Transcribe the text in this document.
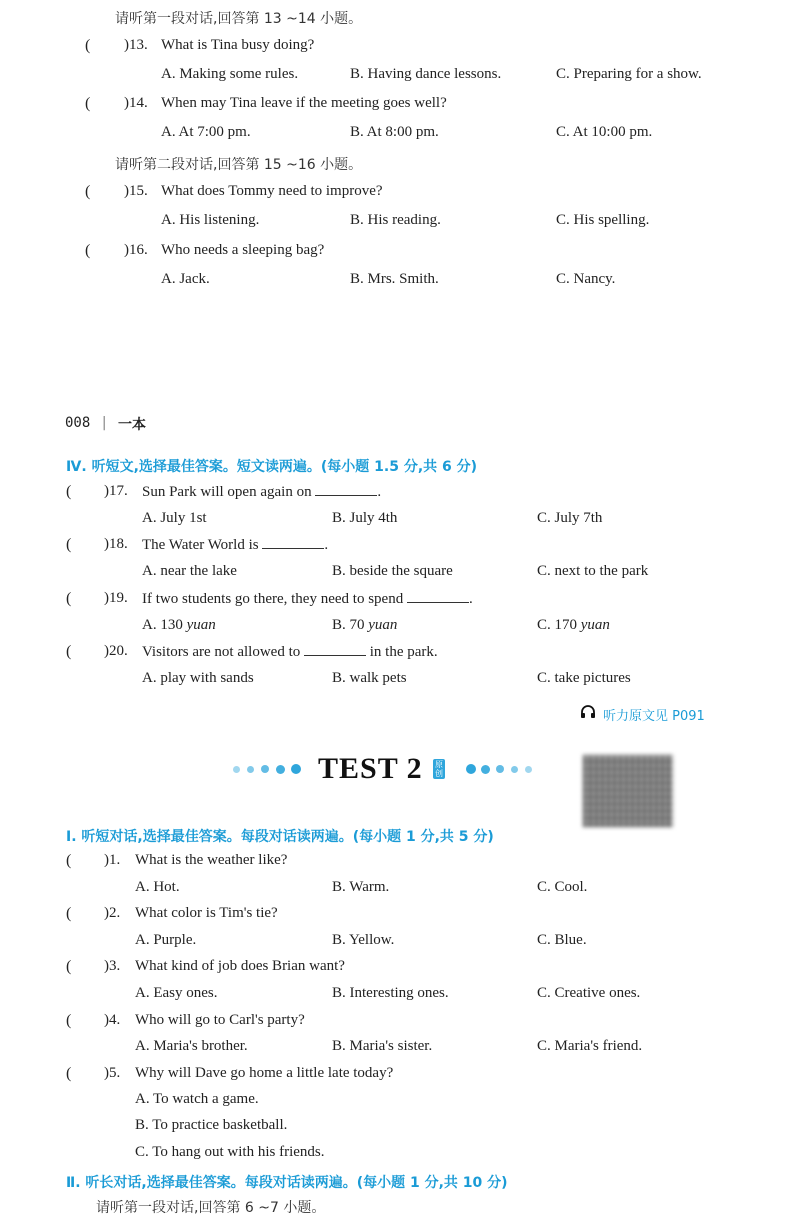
请听第一段对话,回答第 13 ~14 小题。
( )13. What is Tina busy doing?
A. Making some rules.	B. Having dance lessons.	C. Preparing for a show.
( )14. When may Tina leave if the meeting goes well?
A. At 7:00 pm.	B. At 8:00 pm.	C. At 10:00 pm.
请听第二段对话,回答第 15 ~16 小题。
( )15. What does Tommy need to improve?
A. His listening.	B. His reading.	C. His spelling.
( )16. Who needs a sleeping bag?
A. Jack.	B. Mrs. Smith.	C. Nancy.
008 | 一本
Ⅳ. 听短文,选择最佳答案。短文读两遍。(每小题 1.5 分,共 6 分)
( )17. Sun Park will open again on	.
A. July 1st	B. July 4th	C. July 7th
( )18. The Water World is	.
A. near the lake	B. beside the square	C. next to the park
( )19. If two students go there, they need to spend	.
A. 130 yuan	B. 70 yuan	C. 170 yuan
( )20. Visitors are not allowed to	in the park.
A. play with sands	B. walk pets	C. take pictures
听力原文见 P091
TEST 2 原创
Ⅰ. 听短对话,选择最佳答案。每段对话读两遍。(每小题 1 分,共 5 分)
( )1. What is the weather like?
A. Hot.	B. Warm.	C. Cool.
( )2. What color is Tim's tie?
A. Purple.	B. Yellow.	C. Blue.
( )3. What kind of job does Brian want?
A. Easy ones.	B. Interesting ones.	C. Creative ones.
( )4. Who will go to Carl's party?
A. Maria's brother.	B. Maria's sister.	C. Maria's friend.
( )5. Why will Dave go home a little late today?
A. To watch a game.
B. To practice basketball.
C. To hang out with his friends.
Ⅱ. 听长对话,选择最佳答案。每段对话读两遍。(每小题 1 分,共 10 分)
请听第一段对话,回答第 6 ~7 小题。
